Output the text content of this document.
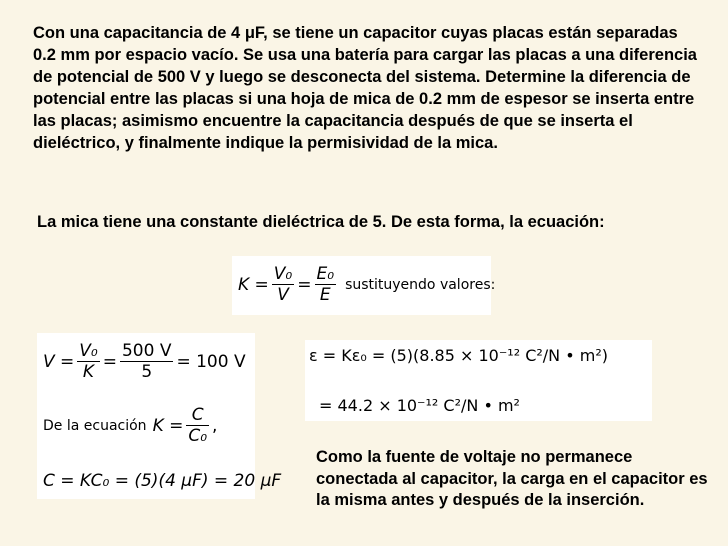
Con una capacitancia de 4 μF, se tiene un capacitor cuyas placas están separadas 0.2 mm por espacio vacío. Se usa una batería para cargar las placas a una diferencia de potencial de 500 V y luego se desconecta del sistema. Determine la diferencia de potencial entre las placas si una hoja de mica de 0.2 mm de espesor se inserta entre las placas; asimismo encuentre la capacitancia después de que se inserta el dieléctrico, y finalmente indique la permisividad de la mica.

La mica tiene una constante dieléctrica de 5. De esta forma, la ecuación:

$K = \frac{\text{V₀}}{V} = \frac{\text{E₀}}{E}$ sustituyendo valores:
$V = \frac{\text{V₀}}{K} = \frac{500 V}{5} = 100$ V
De la ecuación $K = \frac{C}{\text{C₀}}$ ,
C = KC₀ = (5)(4 μF) = 20 μF
ε = Kε₀ = (5)(8.85 × 10⁻¹² C²/N • m²)
= 44.2 × 10⁻¹² C²/N • m²

Como la fuente de voltaje no permanece conectada al capacitor, la carga en el capacitor es la misma antes y después de la inserción.
